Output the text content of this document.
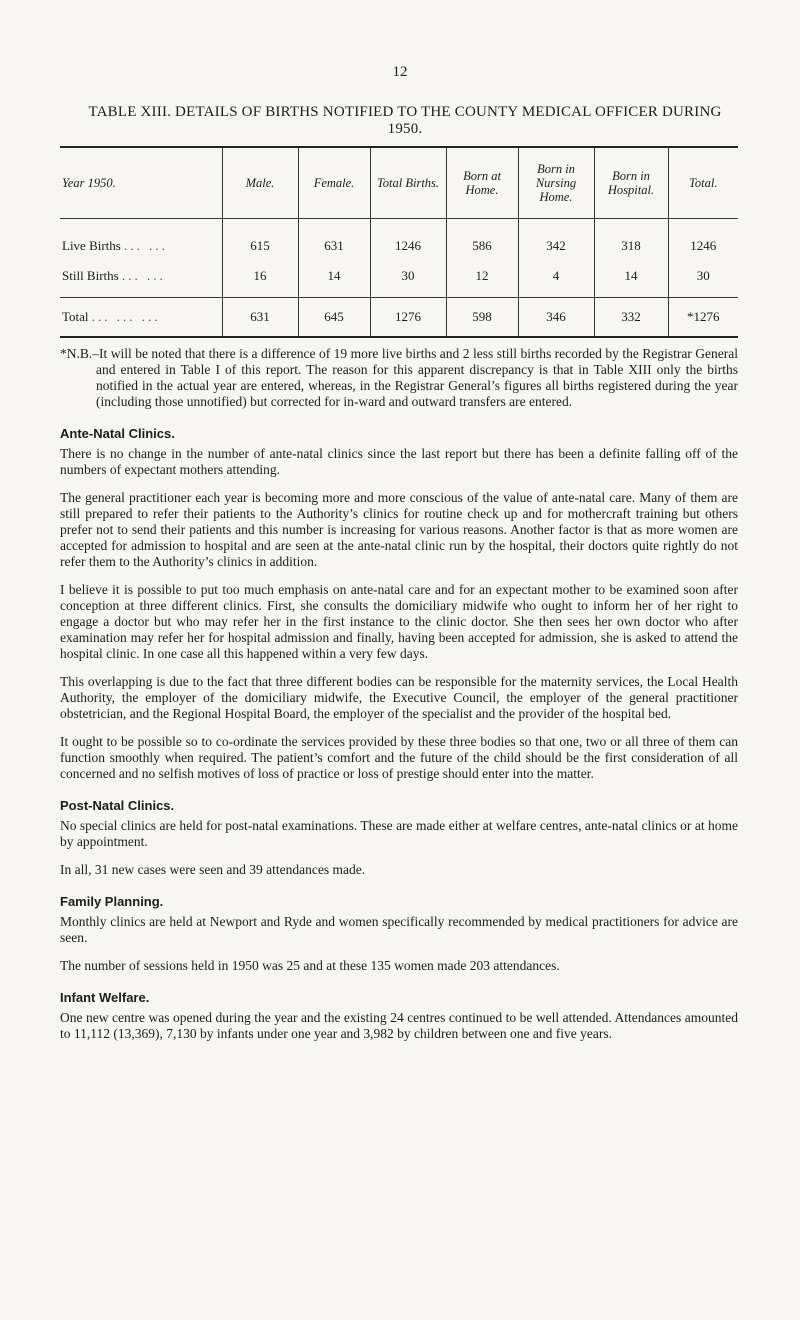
12
TABLE XIII. DETAILS OF BIRTHS NOTIFIED TO THE COUNTY MEDICAL OFFICER DURING
1950.
Year 1950.	Male.	Female.	Total Births.	Born at Home.	Born in Nursing Home.	Born in Hospital.	Total.
Live Births ... ...	615	631	1246	586	342	318	1246
Still Births ... ...	16	14	30	12	4	14	30

Total ... ... ...	631	645	1276	598	346	332	*1276

*N.B.–It will be noted that there is a difference of 19 more live births and 2 less still births recorded by the Registrar General and entered in Table I of this report. The reason for this apparent discrepancy is that in Table XIII only the births notified in the actual year are entered, whereas, in the Registrar General’s figures all births registered during the year (including those unnotified) but corrected for in-ward and outward transfers are entered.

Ante-Natal Clinics.

There is no change in the number of ante-natal clinics since the last report but there has been a definite falling off of the numbers of expectant mothers attending.

The general practitioner each year is becoming more and more conscious of the value of ante-natal care. Many of them are still prepared to refer their patients to the Authority’s clinics for routine check up and for mothercraft training but others prefer not to send their patients and this number is increasing for various reasons. Another factor is that as more women are accepted for admission to hospital and are seen at the ante-natal clinic run by the hospital, their doctors quite rightly do not refer them to the Authority’s clinics in addition.

I believe it is possible to put too much emphasis on ante-natal care and for an expectant mother to be examined soon after conception at three different clinics. First, she consults the domiciliary midwife who ought to inform her of her right to engage a doctor but who may refer her in the first instance to the clinic doctor. She then sees her own doctor who after examination may refer her for hospital admission and finally, having been accepted for admission, she is asked to attend the hospital clinic. In one case all this happened within a very few days.

This overlapping is due to the fact that three different bodies can be responsible for the maternity services, the Local Health Authority, the employer of the domiciliary midwife, the Executive Council, the employer of the general practitioner obstetrician, and the Regional Hospital Board, the employer of the specialist and the provider of the hospital bed.

It ought to be possible so to co-ordinate the services provided by these three bodies so that one, two or all three of them can function smoothly when required. The patient’s comfort and the future of the child should be the first consideration of all concerned and no selfish motives of loss of practice or loss of prestige should enter into the matter.

Post-Natal Clinics.

No special clinics are held for post-natal examinations. These are made either at welfare centres, ante-natal clinics or at home by appointment.

In all, 31 new cases were seen and 39 attendances made.

Family Planning.

Monthly clinics are held at Newport and Ryde and women specifically recommended by medical practitioners for advice are seen.

The number of sessions held in 1950 was 25 and at these 135 women made 203 attendances.

Infant Welfare.

One new centre was opened during the year and the existing 24 centres continued to be well attended. Attendances amounted to 11,112 (13,369), 7,130 by infants under one year and 3,982 by children between one and five years.
